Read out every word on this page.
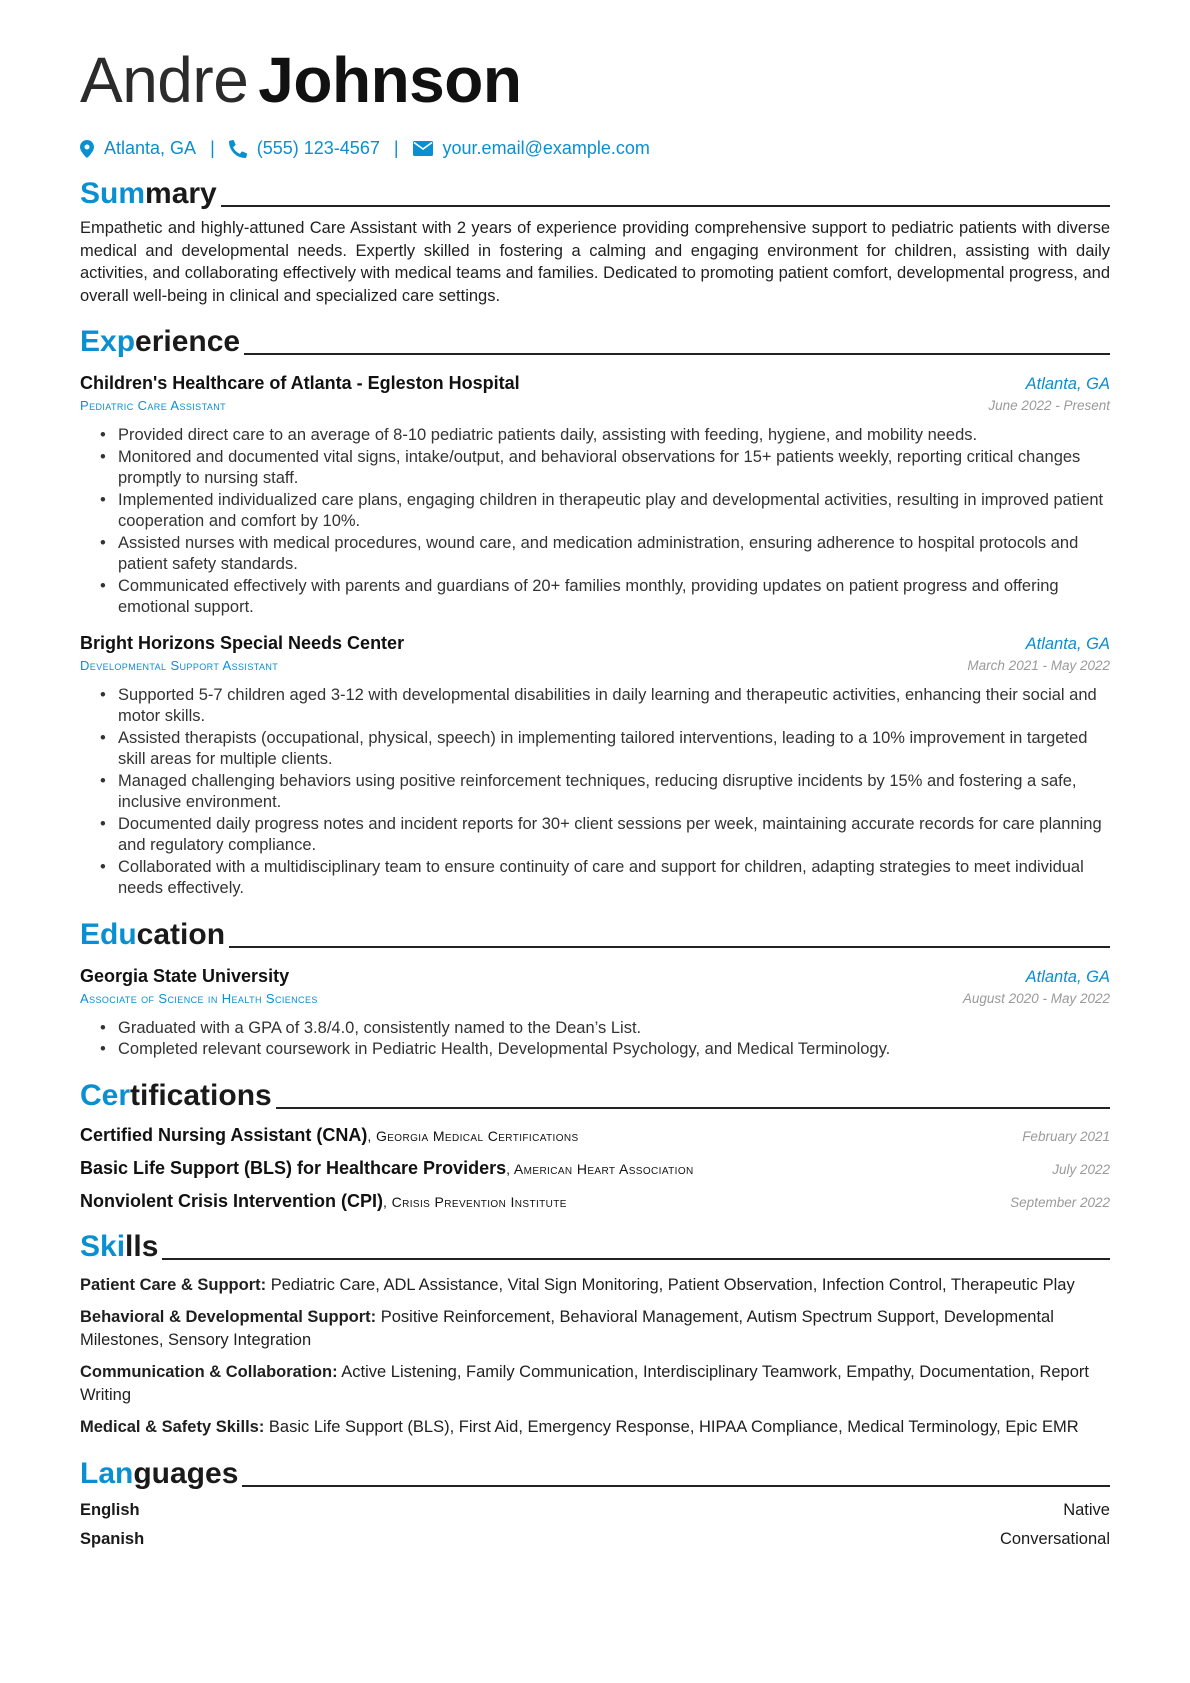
Andre Johnson
Atlanta, GA | (555) 123-4567 | your.email@example.com
Summary
Empathetic and highly-attuned Care Assistant with 2 years of experience providing comprehensive support to pediatric patients with diverse medical and developmental needs. Expertly skilled in fostering a calming and engaging environment for children, assisting with daily activities, and collaborating effectively with medical teams and families. Dedicated to promoting patient comfort, developmental progress, and overall well-being in clinical and specialized care settings.
Experience
Children's Healthcare of Atlanta - Egleston Hospital	Atlanta, GA
Pediatric Care Assistant	June 2022 - Present
• Provided direct care to an average of 8-10 pediatric patients daily, assisting with feeding, hygiene, and mobility needs.
• Monitored and documented vital signs, intake/output, and behavioral observations for 15+ patients weekly, reporting critical changes promptly to nursing staff.
• Implemented individualized care plans, engaging children in therapeutic play and developmental activities, resulting in improved patient cooperation and comfort by 10%.
• Assisted nurses with medical procedures, wound care, and medication administration, ensuring adherence to hospital protocols and patient safety standards.
• Communicated effectively with parents and guardians of 20+ families monthly, providing updates on patient progress and offering emotional support.
Bright Horizons Special Needs Center	Atlanta, GA
Developmental Support Assistant	March 2021 - May 2022
• Supported 5-7 children aged 3-12 with developmental disabilities in daily learning and therapeutic activities, enhancing their social and motor skills.
• Assisted therapists (occupational, physical, speech) in implementing tailored interventions, leading to a 10% improvement in targeted skill areas for multiple clients.
• Managed challenging behaviors using positive reinforcement techniques, reducing disruptive incidents by 15% and fostering a safe, inclusive environment.
• Documented daily progress notes and incident reports for 30+ client sessions per week, maintaining accurate records for care planning and regulatory compliance.
• Collaborated with a multidisciplinary team to ensure continuity of care and support for children, adapting strategies to meet individual needs effectively.
Education
Georgia State University	Atlanta, GA
Associate of Science in Health Sciences	August 2020 - May 2022
• Graduated with a GPA of 3.8/4.0, consistently named to the Dean’s List.
• Completed relevant coursework in Pediatric Health, Developmental Psychology, and Medical Terminology.
Certifications
Certified Nursing Assistant (CNA), Georgia Medical Certifications	February 2021
Basic Life Support (BLS) for Healthcare Providers, American Heart Association	July 2022
Nonviolent Crisis Intervention (CPI), Crisis Prevention Institute	September 2022
Skills
Patient Care & Support: Pediatric Care, ADL Assistance, Vital Sign Monitoring, Patient Observation, Infection Control, Therapeutic Play
Behavioral & Developmental Support: Positive Reinforcement, Behavioral Management, Autism Spectrum Support, Developmental Milestones, Sensory Integration
Communication & Collaboration: Active Listening, Family Communication, Interdisciplinary Teamwork, Empathy, Documentation, Report Writing
Medical & Safety Skills: Basic Life Support (BLS), First Aid, Emergency Response, HIPAA Compliance, Medical Terminology, Epic EMR
Languages
English	Native
Spanish	Conversational
